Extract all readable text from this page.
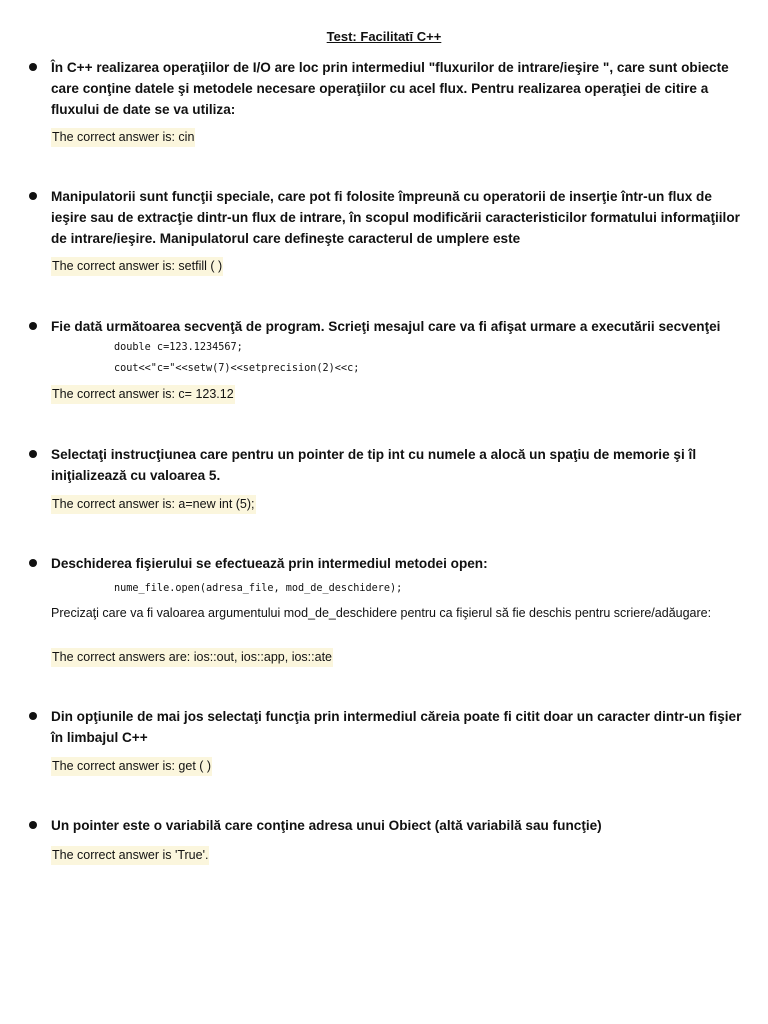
Test: Facilitatī C++
În C++ realizarea operaţiilor de I/O are loc prin intermediul "fluxurilor de intrare/ieşire ", care sunt obiecte care conţine datele şi metodele necesare operaţiilor cu acel flux. Pentru realizarea operaţiei de citire a fluxului de date se va utiliza:
The correct answer is: cin
Manipulatorii sunt funcţii speciale, care pot fi folosite împreună cu operatorii de inserţie într-un flux de ieşire sau de extracţie dintr-un flux de intrare, în scopul modificării caracteristicilor formatului informaţiilor de intrare/ieşire. Manipulatorul care defineşte caracterul de umplere este
The correct answer is: setfill ( )
Fie dată următoarea secvenţă de program. Scrieţi mesajul care va fi afişat urmare a executării secvenţei
double c=123.1234567;
cout<<"c="<<setw(7)<<setprecision(2)<<c;
The correct answer is: c= 123.12
Selectaţi instrucţiunea care pentru un pointer de tip int cu numele a alocă un spaţiu de memorie şi îl iniţializează cu valoarea 5.
The correct answer is: a=new int (5);
Deschiderea fişierului se efectuează prin intermediul metodei open:
nume_file.open(adresa_file, mod_de_deschidere);
Precizaţi care va fi valoarea argumentului mod_de_deschidere pentru ca fişierul să fie deschis pentru scriere/adăugare:
The correct answers are: ios::out, ios::app, ios::ate
Din opţiunile de mai jos selectaţi funcţia prin intermediul căreia poate fi citit doar un caracter dintr-un fişier în limbajul C++
The correct answer is: get ( )
Un pointer este o variabilă care conţine adresa unui Obiect (altă variabilă sau funcţie)
The correct answer is 'True'.
